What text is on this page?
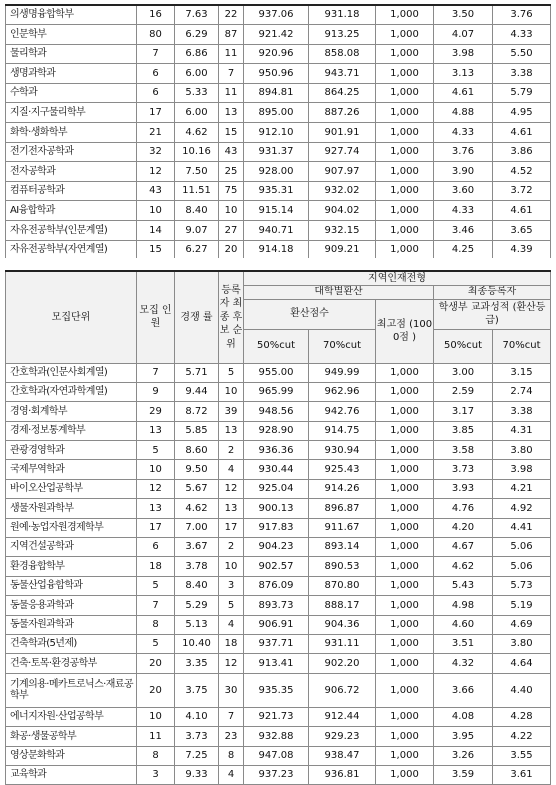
의생명융합학부	16	7.63	22	937.06	931.18	1,000	3.50	3.76
인문학부	80	6.29	87	921.42	913.25	1,000	4.07	4.33
물리학과	7	6.86	11	920.96	858.08	1,000	3.98	5.50
생명과학과	6	6.00	7	950.96	943.71	1,000	3.13	3.38
수학과	6	5.33	11	894.81	864.25	1,000	4.61	5.79
지질·지구물리학부	17	6.00	13	895.00	887.26	1,000	4.88	4.95
화학·생화학부	21	4.62	15	912.10	901.91	1,000	4.33	4.61
전기전자공학과	32	10.16	43	931.37	927.74	1,000	3.76	3.86
전자공학과	12	7.50	25	928.00	907.97	1,000	3.90	4.52
컴퓨터공학과	43	11.51	75	935.31	932.02	1,000	3.60	3.72
AI융합학과	10	8.40	10	915.14	904.02	1,000	4.33	4.61
자유전공학부(인문계열)	14	9.07	27	940.71	932.15	1,000	3.46	3.65
자유전공학부(자연계열)	15	6.27	20	914.18	909.21	1,000	4.25	4.39
모집단위	모집 인원	경쟁 률	등록 자 최종 후보 순위	지역인재전형				
				대학별환산			최종등록자	
				환산점수		최고점 (1000점 )	학생부 교과성적 (환산등급)	
				50%cut	70%cut		50%cut	70%cut
간호학과(인문사회계열)	7	5.71	5	955.00	949.99	1,000	3.00	3.15
간호학과(자연과학계열)	9	9.44	10	965.99	962.96	1,000	2.59	2.74
경영·회계학부	29	8.72	39	948.56	942.76	1,000	3.17	3.38
경제·정보통계학부	13	5.85	13	928.90	914.75	1,000	3.85	4.31
관광경영학과	5	8.60	2	936.36	930.94	1,000	3.58	3.80
국제무역학과	10	9.50	4	930.44	925.43	1,000	3.73	3.98
바이오산업공학부	12	5.67	12	925.04	914.26	1,000	3.93	4.21
생물자원과학부	13	4.62	13	900.13	896.87	1,000	4.76	4.92
원예·농업자원경제학부	17	7.00	17	917.83	911.67	1,000	4.20	4.41
지역건설공학과	6	3.67	2	904.23	893.14	1,000	4.67	5.06
환경융합학부	18	3.78	10	902.57	890.53	1,000	4.62	5.06
동물산업융합학과	5	8.40	3	876.09	870.80	1,000	5.43	5.73
동물응용과학과	7	5.29	5	893.73	888.17	1,000	4.98	5.19
동물자원과학과	8	5.13	4	906.91	904.36	1,000	4.60	4.69
건축학과(5년제)	5	10.40	18	937.71	931.11	1,000	3.51	3.80
건축·토목·환경공학부	20	3.35	12	913.41	902.20	1,000	4.32	4.64
기계의용·메카트로닉스·재료공학부	20	3.75	30	935.35	906.72	1,000	3.66	4.40
에너지자원·산업공학부	10	4.10	7	921.73	912.44	1,000	4.08	4.28
화공·생물공학부	11	3.73	23	932.88	929.23	1,000	3.95	4.22
영상문화학과	8	7.25	8	947.08	938.47	1,000	3.26	3.55
교육학과	3	9.33	4	937.23	936.81	1,000	3.59	3.61
